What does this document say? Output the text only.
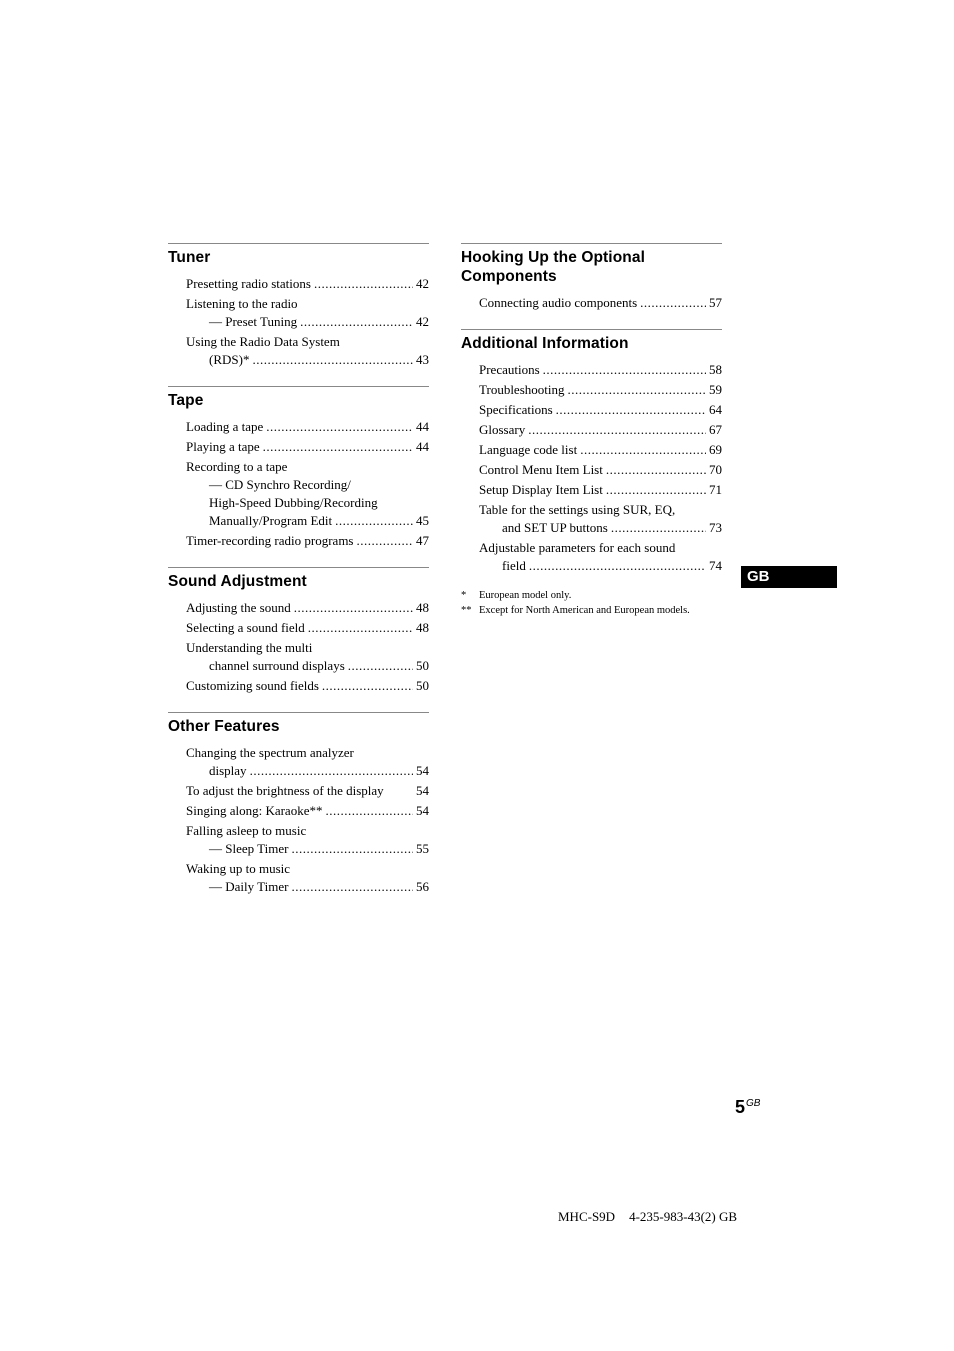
Tuner
Presetting radio stations .....	42
Listening to the radio
— Preset Tuning .....	42
Using the Radio Data System
(RDS)* .....	43
Tape
Loading a tape .....	44
Playing a tape .....	44
Recording to a tape
— CD Synchro Recording/
High-Speed Dubbing/Recording
Manually/Program Edit .....	45
Timer-recording radio programs .....	47
Sound Adjustment
Adjusting the sound .....	48
Selecting a sound field .....	48
Understanding the multi
channel surround displays .....	50
Customizing sound fields .....	50
Other Features
Changing the spectrum analyzer
display .....	54
To adjust the brightness of the display 54
Singing along: Karaoke** .....	54
Falling asleep to music
— Sleep Timer .....	55
Waking up to music
— Daily Timer .....	56
Hooking Up the Optional Components
Connecting audio components .....	57
Additional Information
Precautions .....	58
Troubleshooting .....	59
Specifications .....	64
Glossary .....	67
Language code list .....	69
Control Menu Item List .....	70
Setup Display Item List .....	71
Table for the settings using SUR, EQ,
and SET UP buttons .....	73
Adjustable parameters for each sound
field .....	74
*	European model only.
** Except for North American and European models.
GB
$5^{GB}$
MHC-S9D 4-235-983-43(2) GB
